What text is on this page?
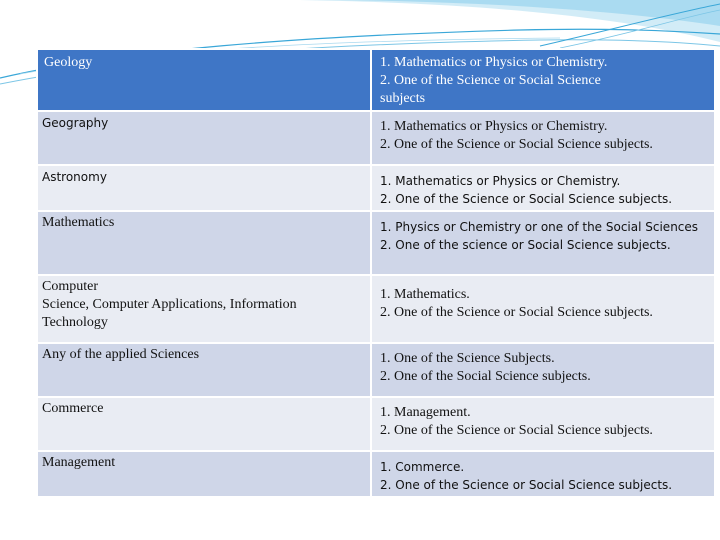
Geology	1. Mathematics or Physics or Chemistry.
2. One of the Science or Social Science
subjects

Geography	1. Mathematics or Physics or Chemistry.
2. One of the Science or Social Science subjects.

Astronomy	1. Mathematics or Physics or Chemistry.
2. One of the Science or Social Science subjects.

Mathematics	1. Physics or Chemistry or one of the Social Sciences
2. One of the science or Social Science subjects.

Computer
Science, Computer Applications, Information
Technology	1. Mathematics.
2. One of the Science or Social Science subjects.

Any of the applied Sciences	1. One of the Science Subjects.
2. One of the Social Science subjects.

Commerce	1. Management.
2. One of the Science or Social Science subjects.

Management	1. Commerce.
2. One of the Science or Social Science subjects.
